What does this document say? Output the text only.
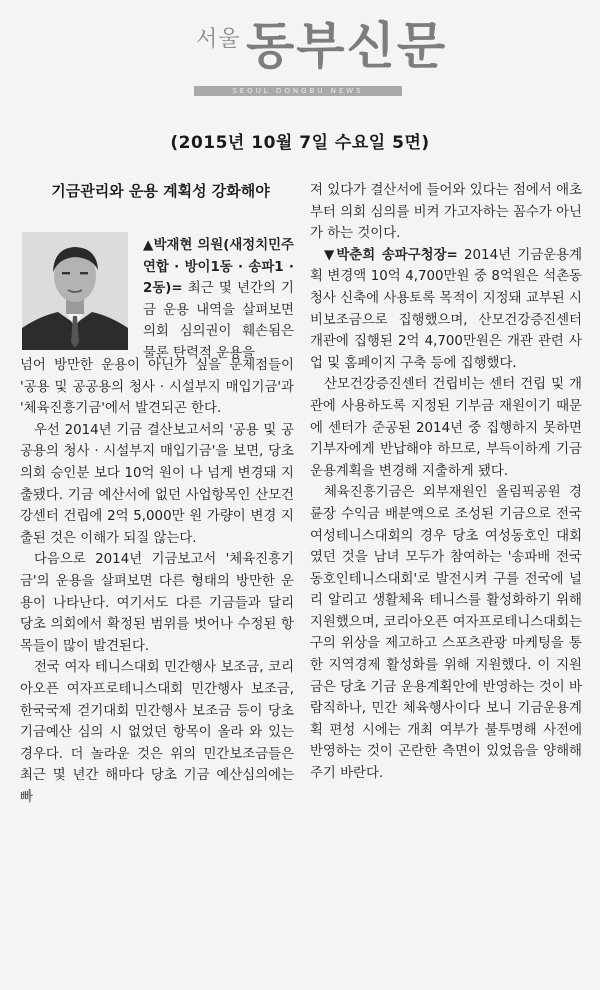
서울 동부신문
SEOUL DONGBU NEWS
(2015년 10월 7일 수요일 5면)
기금관리와 운용 계획성 강화해야
▲박재현 의원(새정치민주연합 · 방이1동 · 송파1 · 2동)= 최근 몇 년간의 기금 운용 내역을 살펴보면 의회 심의권이 훼손됨은 물론 탄력적 운용을

넘어 방만한 운용이 아닌가 싶을 문제점들이 '공용 및 공공용의 청사 · 시설부지 매입기금'과 '체육진흥기금'에서 발견되곤 한다.

우선 2014년 기금 결산보고서의 '공용 및 공공용의 청사 · 시설부지 매입기금'을 보면, 당초 의회 승인분 보다 10억 원이 나 넘게 변경돼 지출됐다. 기금 예산서에 없던 사업항목인 산모건강센터 건립에 2억 5,000만 원 가량이 변경 지출된 것은 이해가 되질 않는다.

다음으로 2014년 기금보고서 '체육진흥기금'의 운용을 살펴보면 다른 형태의 방만한 운용이 나타난다. 여기서도 다른 기금들과 달리 당초 의회에서 확정된 범위를 벗어나 수정된 항목들이 많이 발견된다.

전국 여자 테니스대회 민간행사 보조금, 코리아오픈 여자프로테니스대회 민간행사 보조금, 한국국제 걷기대회 민간행사 보조금 등이 당초 기금예산 심의 시 없었던 항목이 올라 와 있는 경우다. 더 놀라운 것은 위의 민간보조금들은 최근 몇 년간 해마다 당초 기금 예산심의에는 빠

져 있다가 결산서에 들어와 있다는 점에서 애초부터 의회 심의를 비켜 가고자하는 꼼수가 아닌가 하는 것이다.

▼박춘희 송파구청장= 2014년 기금운용계획 변경액 10억 4,700만원 중 8억원은 석촌동청사 신축에 사용토록 목적이 지정돼 교부된 시비보조금으로 집행했으며, 산모건강증진센터 개관에 집행된 2억 4,700만원은 개관 관련 사업 및 홈페이지 구축 등에 집행했다.

산모건강증진센터 건립비는 센터 건립 및 개관에 사용하도록 지정된 기부금 재원이기 때문에 센터가 준공된 2014년 중 집행하지 못하면 기부자에게 반납해야 하므로, 부득이하게 기금운용계획을 변경해 지출하게 됐다.

체육진흥기금은 외부재원인 올림픽공원 경륜장 수익금 배분액으로 조성된 기금으로 전국여성테니스대회의 경우 당초 여성동호인 대회였던 것을 남녀 모두가 참여하는 '송파배 전국동호인테니스대회'로 발전시켜 구를 전국에 널리 알리고 생활체육 테니스를 활성화하기 위해 지원했으며, 코리아오픈 여자프로테니스대회는 구의 위상을 제고하고 스포츠관광 마케팅을 통한 지역경제 활성화를 위해 지원했다. 이 지원금은 당초 기금 운용계획안에 반영하는 것이 바람직하나, 민간 체육행사이다 보니 기금운용계획 편성 시에는 개최 여부가 불투명해 사전에 반영하는 것이 곤란한 측면이 있었음을 양해해 주기 바란다.
